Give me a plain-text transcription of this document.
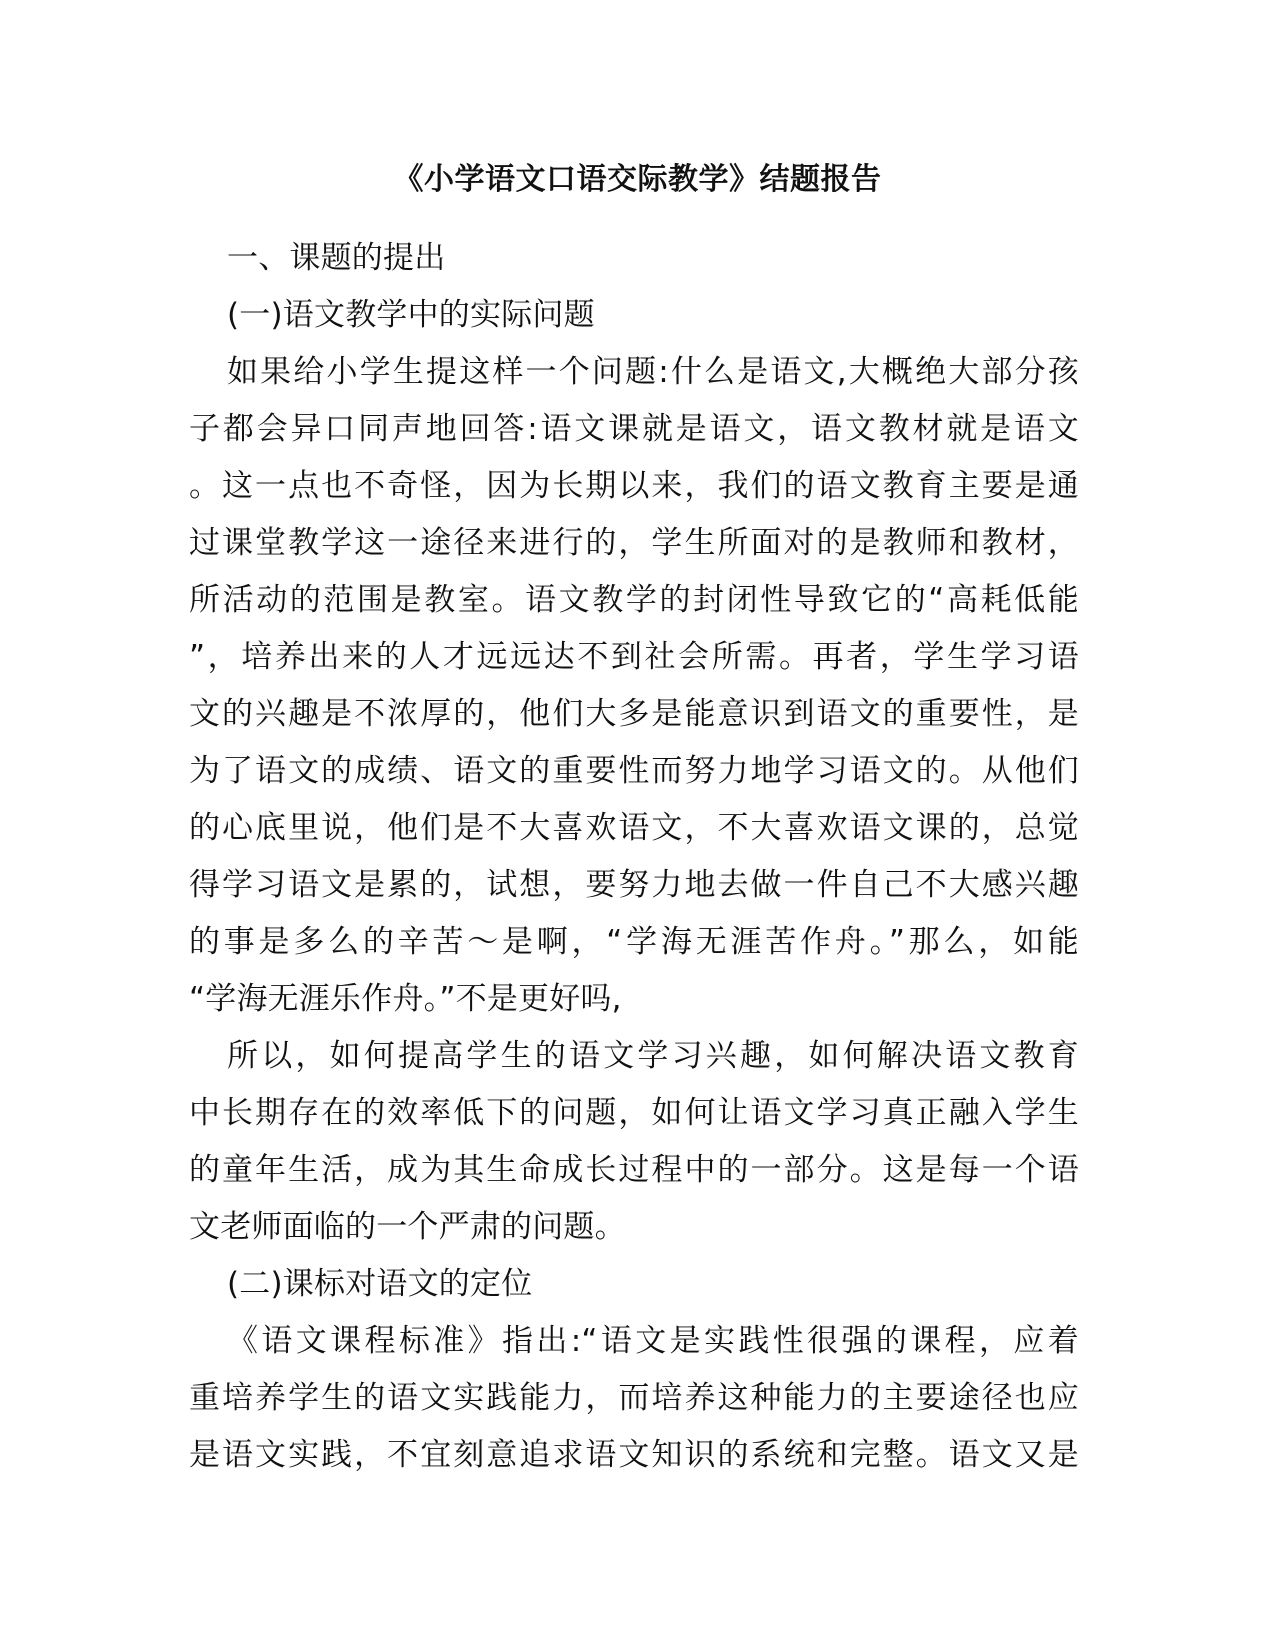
《小学语文口语交际教学》结题报告
一、课题的提出
(一)语文教学中的实际问题
如果给小学生提这样一个问题:什么是语文,大概绝大部分孩
子都会异口同声地回答:语文课就是语文，语文教材就是语文
。这一点也不奇怪，因为长期以来，我们的语文教育主要是通
过课堂教学这一途径来进行的，学生所面对的是教师和教材，
所活动的范围是教室。语文教学的封闭性导致它的“高耗低能
”，培养出来的人才远远达不到社会所需。再者，学生学习语
文的兴趣是不浓厚的，他们大多是能意识到语文的重要性，是
为了语文的成绩、语文的重要性而努力地学习语文的。从他们
的心底里说，他们是不大喜欢语文，不大喜欢语文课的，总觉
得学习语文是累的，试想，要努力地去做一件自己不大感兴趣
的事是多么的辛苦～是啊，“学海无涯苦作舟。”那么，如能
“学海无涯乐作舟。”不是更好吗,
所以，如何提高学生的语文学习兴趣，如何解决语文教育
中长期存在的效率低下的问题，如何让语文学习真正融入学生
的童年生活，成为其生命成长过程中的一部分。这是每一个语
文老师面临的一个严肃的问题。
(二)课标对语文的定位
《语文课程标准》指出:“语文是实践性很强的课程，应着
重培养学生的语文实践能力，而培养这种能力的主要途径也应
是语文实践，不宜刻意追求语文知识的系统和完整。语文又是
